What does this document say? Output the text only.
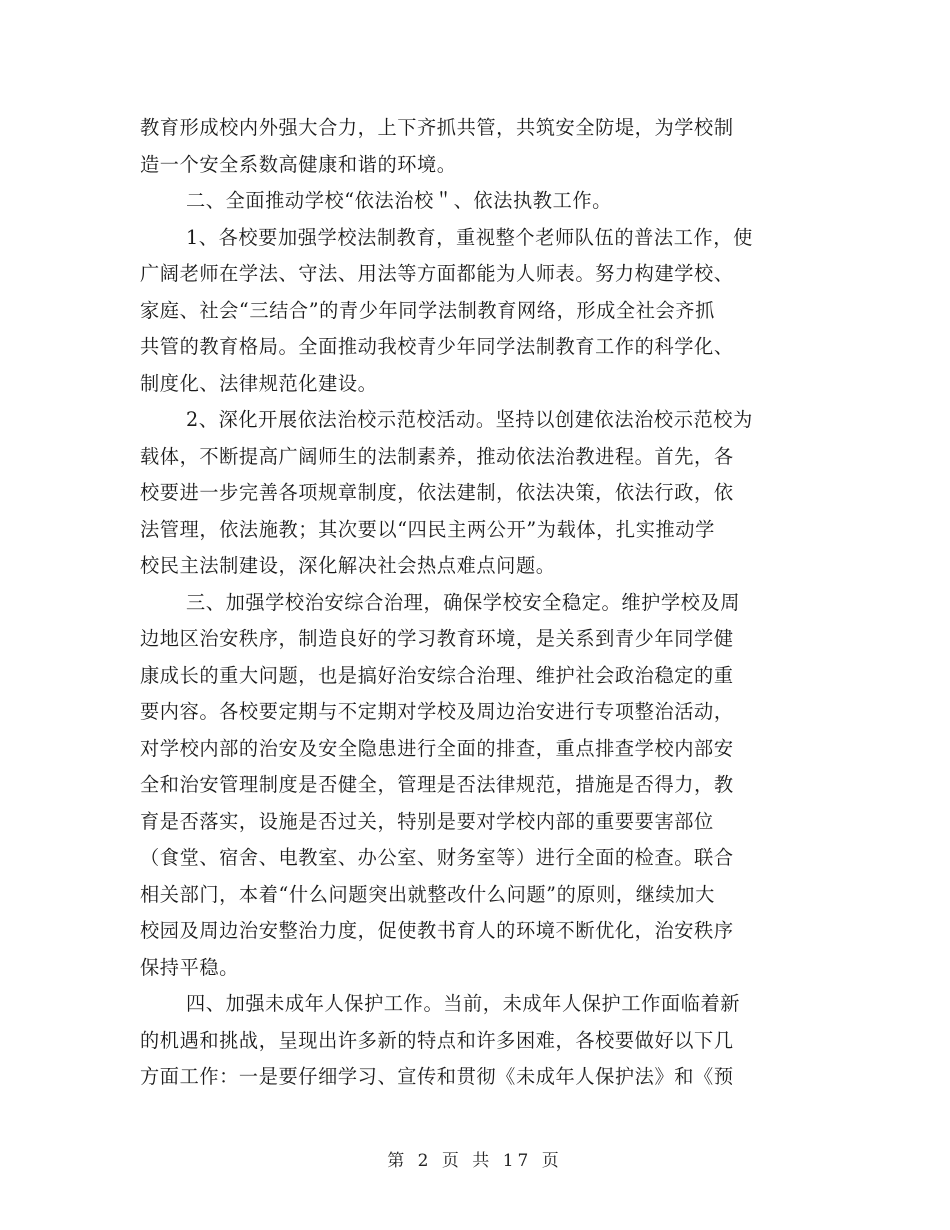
教育形成校内外强大合力，上下齐抓共管，共筑安全防堤，为学校制
造一个安全系数高健康和谐的环境。
二、全面推动学校“依法治校＂、依法执教工作。
1、各校要加强学校法制教育，重视整个老师队伍的普法工作，使
广阔老师在学法、守法、用法等方面都能为人师表。努力构建学校、
家庭、社会“三结合”的青少年同学法制教育网络，形成全社会齐抓
共管的教育格局。全面推动我校青少年同学法制教育工作的科学化、
制度化、法律规范化建设。
2、深化开展依法治校示范校活动。坚持以创建依法治校示范校为
载体，不断提高广阔师生的法制素养，推动依法治教进程。首先，各
校要进一步完善各项规章制度，依法建制，依法决策，依法行政，依
法管理，依法施教；其次要以“四民主两公开”为载体，扎实推动学
校民主法制建设，深化解决社会热点难点问题。
三、加强学校治安综合治理，确保学校安全稳定。维护学校及周
边地区治安秩序，制造良好的学习教育环境，是关系到青少年同学健
康成长的重大问题，也是搞好治安综合治理、维护社会政治稳定的重
要内容。各校要定期与不定期对学校及周边治安进行专项整治活动，
对学校内部的治安及安全隐患进行全面的排查，重点排查学校内部安
全和治安管理制度是否健全，管理是否法律规范，措施是否得力，教
育是否落实，设施是否过关，特别是要对学校内部的重要要害部位
（食堂、宿舍、电教室、办公室、财务室等）进行全面的检查。联合
相关部门，本着“什么问题突出就整改什么问题”的原则，继续加大
校园及周边治安整治力度，促使教书育人的环境不断优化，治安秩序
保持平稳。
四、加强未成年人保护工作。当前，未成年人保护工作面临着新
的机遇和挑战，呈现出许多新的特点和许多困难，各校要做好以下几
方面工作：一是要仔细学习、宣传和贯彻《未成年人保护法》和《预
第 2 页 共 17 页
